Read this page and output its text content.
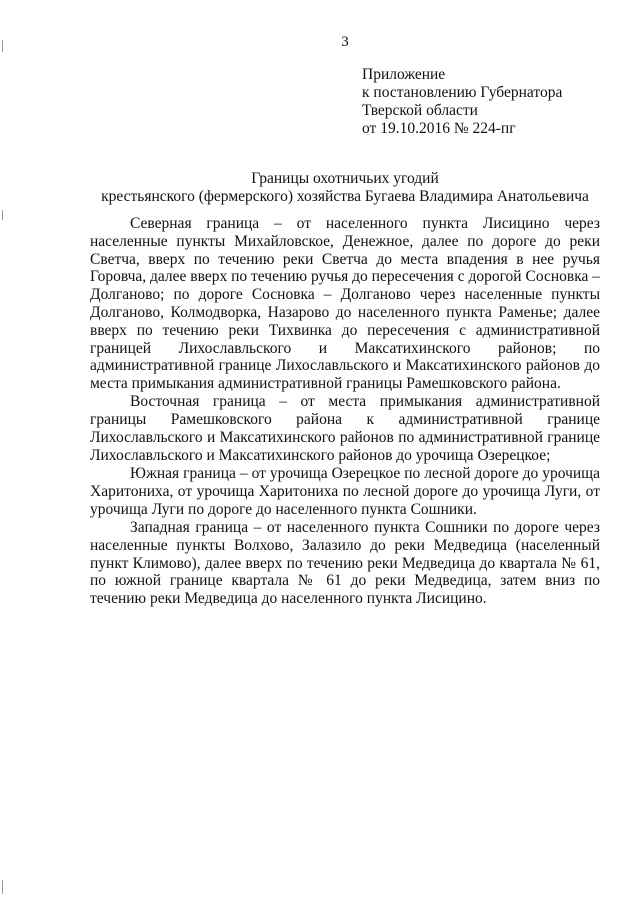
3
Приложение
к постановлению Губернатора
Тверской области
от 19.10.2016 № 224-пг
Границы охотничьих угодий
крестьянского (фермерского) хозяйства Бугаева Владимира Анатольевича

Северная граница – от населенного пункта Лисицино через населенные пункты Михайловское, Денежное, далее по дороге до реки Светча, вверх по течению реки Светча до места впадения в нее ручья Горовча, далее вверх по течению ручья до пересечения с дорогой Сосновка – Долганово; по дороге Сосновка – Долганово через населенные пункты Долганово, Колмодворка, Назарово до населенного пункта Раменье; далее вверх по течению реки Тихвинка до пересечения с административной границей Лихославльского и Максатихинского районов; по административной границе Лихославльского и Максатихинского районов до места примыкания административной границы Рамешковского района.

Восточная граница – от места примыкания административной границы Рамешковского района к административной границе Лихославльского и Максатихинского районов по административной границе Лихославльского и Максатихинского районов до урочища Озерецкое;

Южная граница – от урочища Озерецкое по лесной дороге до урочища Харитониха, от урочища Харитониха по лесной дороге до урочища Луги, от урочища Луги по дороге до населенного пункта Сошники.

Западная граница – от населенного пункта Сошники по дороге через населенные пункты Волхово, Залазило до реки Медведица (населенный пункт Климово), далее вверх по течению реки Медведица до квартала № 61, по южной границе квартала № 61 до реки Медведица, затем вниз по течению реки Медведица до населенного пункта Лисицино.
